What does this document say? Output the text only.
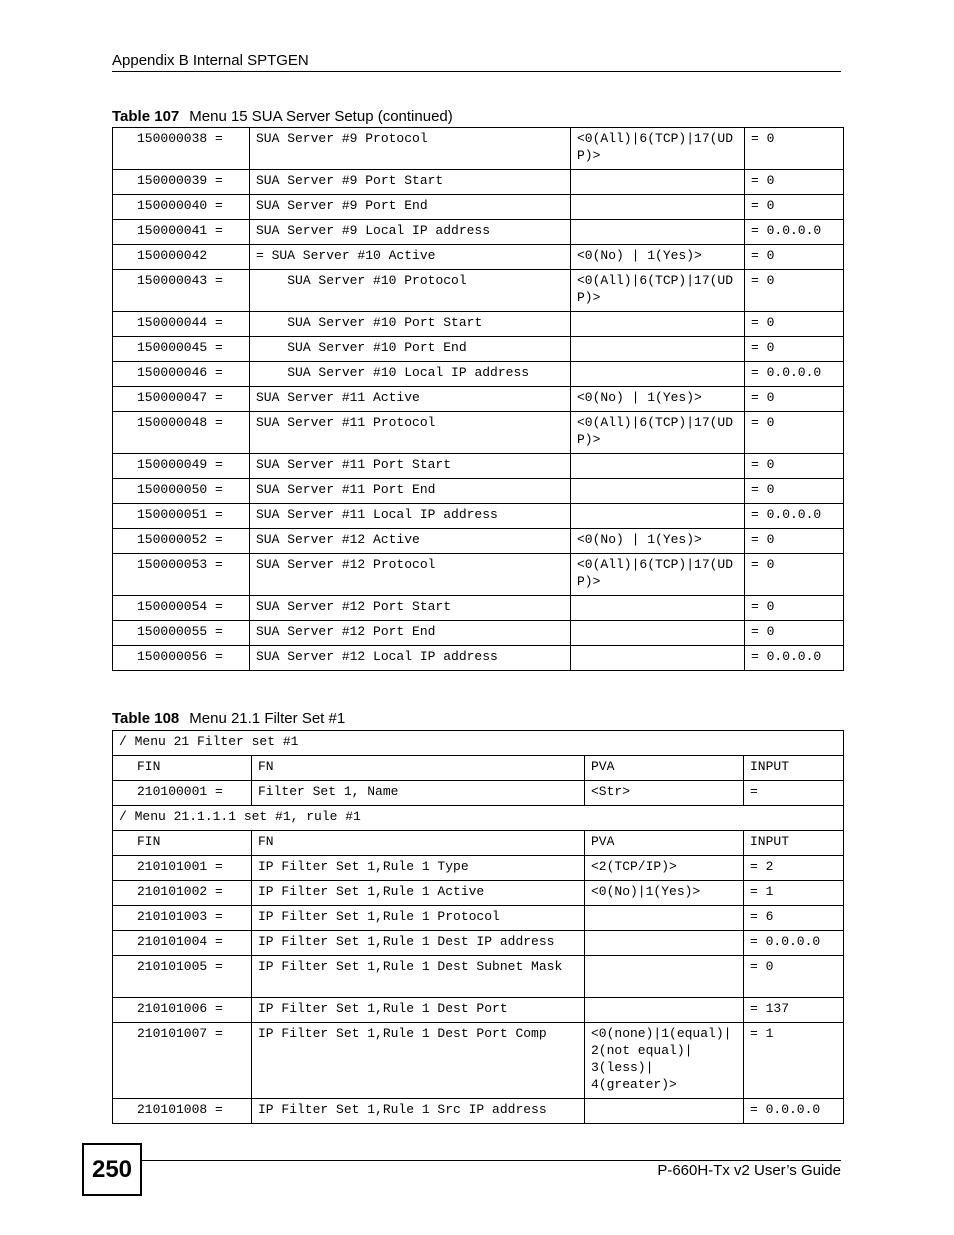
Appendix B Internal SPTGEN
Table 107 Menu 15 SUA Server Setup (continued)
150000038 =	SUA Server #9 Protocol	<0(All)|6(TCP)|17(UDP)>	= 0
150000039 =	SUA Server #9 Port Start		= 0
150000040 =	SUA Server #9 Port End		= 0
150000041 =	SUA Server #9 Local IP address		= 0.0.0.0
150000042	= SUA Server #10 Active	<0(No) | 1(Yes)>	= 0
150000043 =	SUA Server #10 Protocol	<0(All)|6(TCP)|17(UDP)>	= 0
150000044 =	SUA Server #10 Port Start		= 0
150000045 =	SUA Server #10 Port End		= 0
150000046 =	SUA Server #10 Local IP address		= 0.0.0.0
150000047 =	SUA Server #11 Active	<0(No) | 1(Yes)>	= 0
150000048 =	SUA Server #11 Protocol	<0(All)|6(TCP)|17(UDP)>	= 0
150000049 =	SUA Server #11 Port Start		= 0
150000050 =	SUA Server #11 Port End		= 0
150000051 =	SUA Server #11 Local IP address		= 0.0.0.0
150000052 =	SUA Server #12 Active	<0(No) | 1(Yes)>	= 0
150000053 =	SUA Server #12 Protocol	<0(All)|6(TCP)|17(UDP)>	= 0
150000054 =	SUA Server #12 Port Start		= 0
150000055 =	SUA Server #12 Port End		= 0
150000056 =	SUA Server #12 Local IP address		= 0.0.0.0
Table 108 Menu 21.1 Filter Set #1
/ Menu 21 Filter set #1			
FIN	FN	PVA	INPUT
210100001 =	Filter Set 1, Name	<Str>	=
/ Menu 21.1.1.1 set #1, rule #1			
FIN	FN	PVA	INPUT
210101001 =	IP Filter Set 1,Rule 1 Type	<2(TCP/IP)>	= 2
210101002 =	IP Filter Set 1,Rule 1 Active	<0(No)|1(Yes)>	= 1
210101003 =	IP Filter Set 1,Rule 1 Protocol		= 6
210101004 =	IP Filter Set 1,Rule 1 Dest IP address		= 0.0.0.0
210101005 =	IP Filter Set 1,Rule 1 Dest Subnet Mask		= 0
210101006 =	IP Filter Set 1,Rule 1 Dest Port		= 137
210101007 =	IP Filter Set 1,Rule 1 Dest Port Comp	<0(none)|1(equal)|2(not equal)|
3(less)|
4(greater)>	= 1
210101008 =	IP Filter Set 1,Rule 1 Src IP address		= 0.0.0.0
250	P-660H-Tx v2 User’s Guide
